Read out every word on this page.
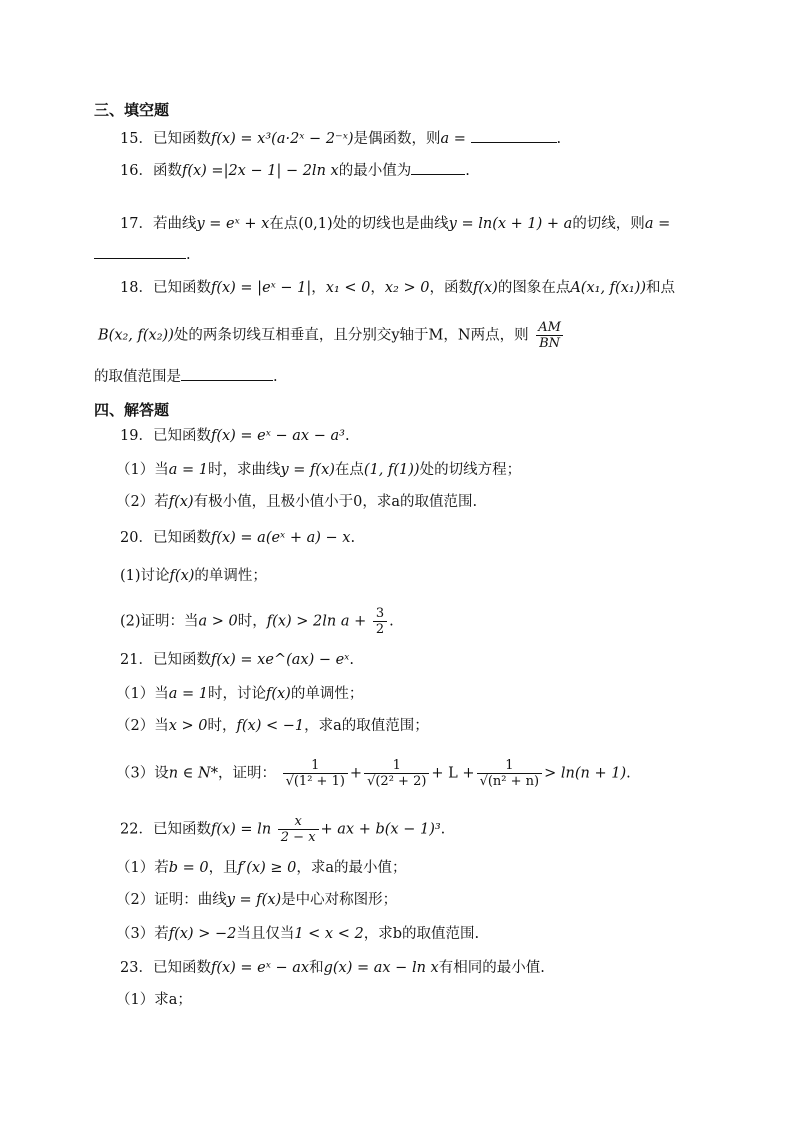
三、填空题
15．已知函数f(x) = x³(a·2ˣ − 2⁻ˣ)是偶函数，则a =	.
16．函数f(x) =|2x − 1| − 2ln x的最小值为	.
17．若曲线y = eˣ + x在点(0,1)处的切线也是曲线y = ln(x + 1) + a的切线，则a =
.
18．已知函数f(x) = |eˣ − 1|，x₁ < 0，x₂ > 0，函数f(x)的图象在点A(x₁, f(x₁))和点
B(x₂, f(x₂))处的两条切线互相垂直，且分别交y轴于M，N两点，则 $\frac{AM}{BN}$
的取值范围是	.
四、解答题
19．已知函数f(x) = eˣ − ax − a³.
（1）当a = 1时，求曲线y = f(x)在点(1, f(1))处的切线方程；
（2）若f(x)有极小值，且极小值小于0，求a的取值范围.
20．已知函数f(x) = a(eˣ + a) − x.
(1)讨论f(x)的单调性；
(2)证明：当a > 0时，f(x) > 2ln $a + \frac{3}{2}$ .
21．已知函数f(x) = xe^(ax) − eˣ.
（1）当a = 1时，讨论f(x)的单调性；
（2）当x > 0时，f(x) < −1，求a的取值范围；
（3）设n ∈ N*，证明： $\frac{1}{\text{√(1² + 1)}} + \frac{1}{\text{√(2² + 2)}} + L + \frac{1}{\text{√(n² + n)}} > \ln(n + 1)$.
22．已知函数$f(x) = \ln \frac{x}{2 - x}$ + ax + b(x − 1)³.
（1）若b = 0，且f′(x) ≥ 0，求a的最小值；
（2）证明：曲线y = f(x)是中心对称图形；
（3）若f(x) > −2当且仅当1 < x < 2，求b的取值范围.
23．已知函数f(x) = eˣ − ax和g(x) = ax − ln x有相同的最小值.
（1）求a；
